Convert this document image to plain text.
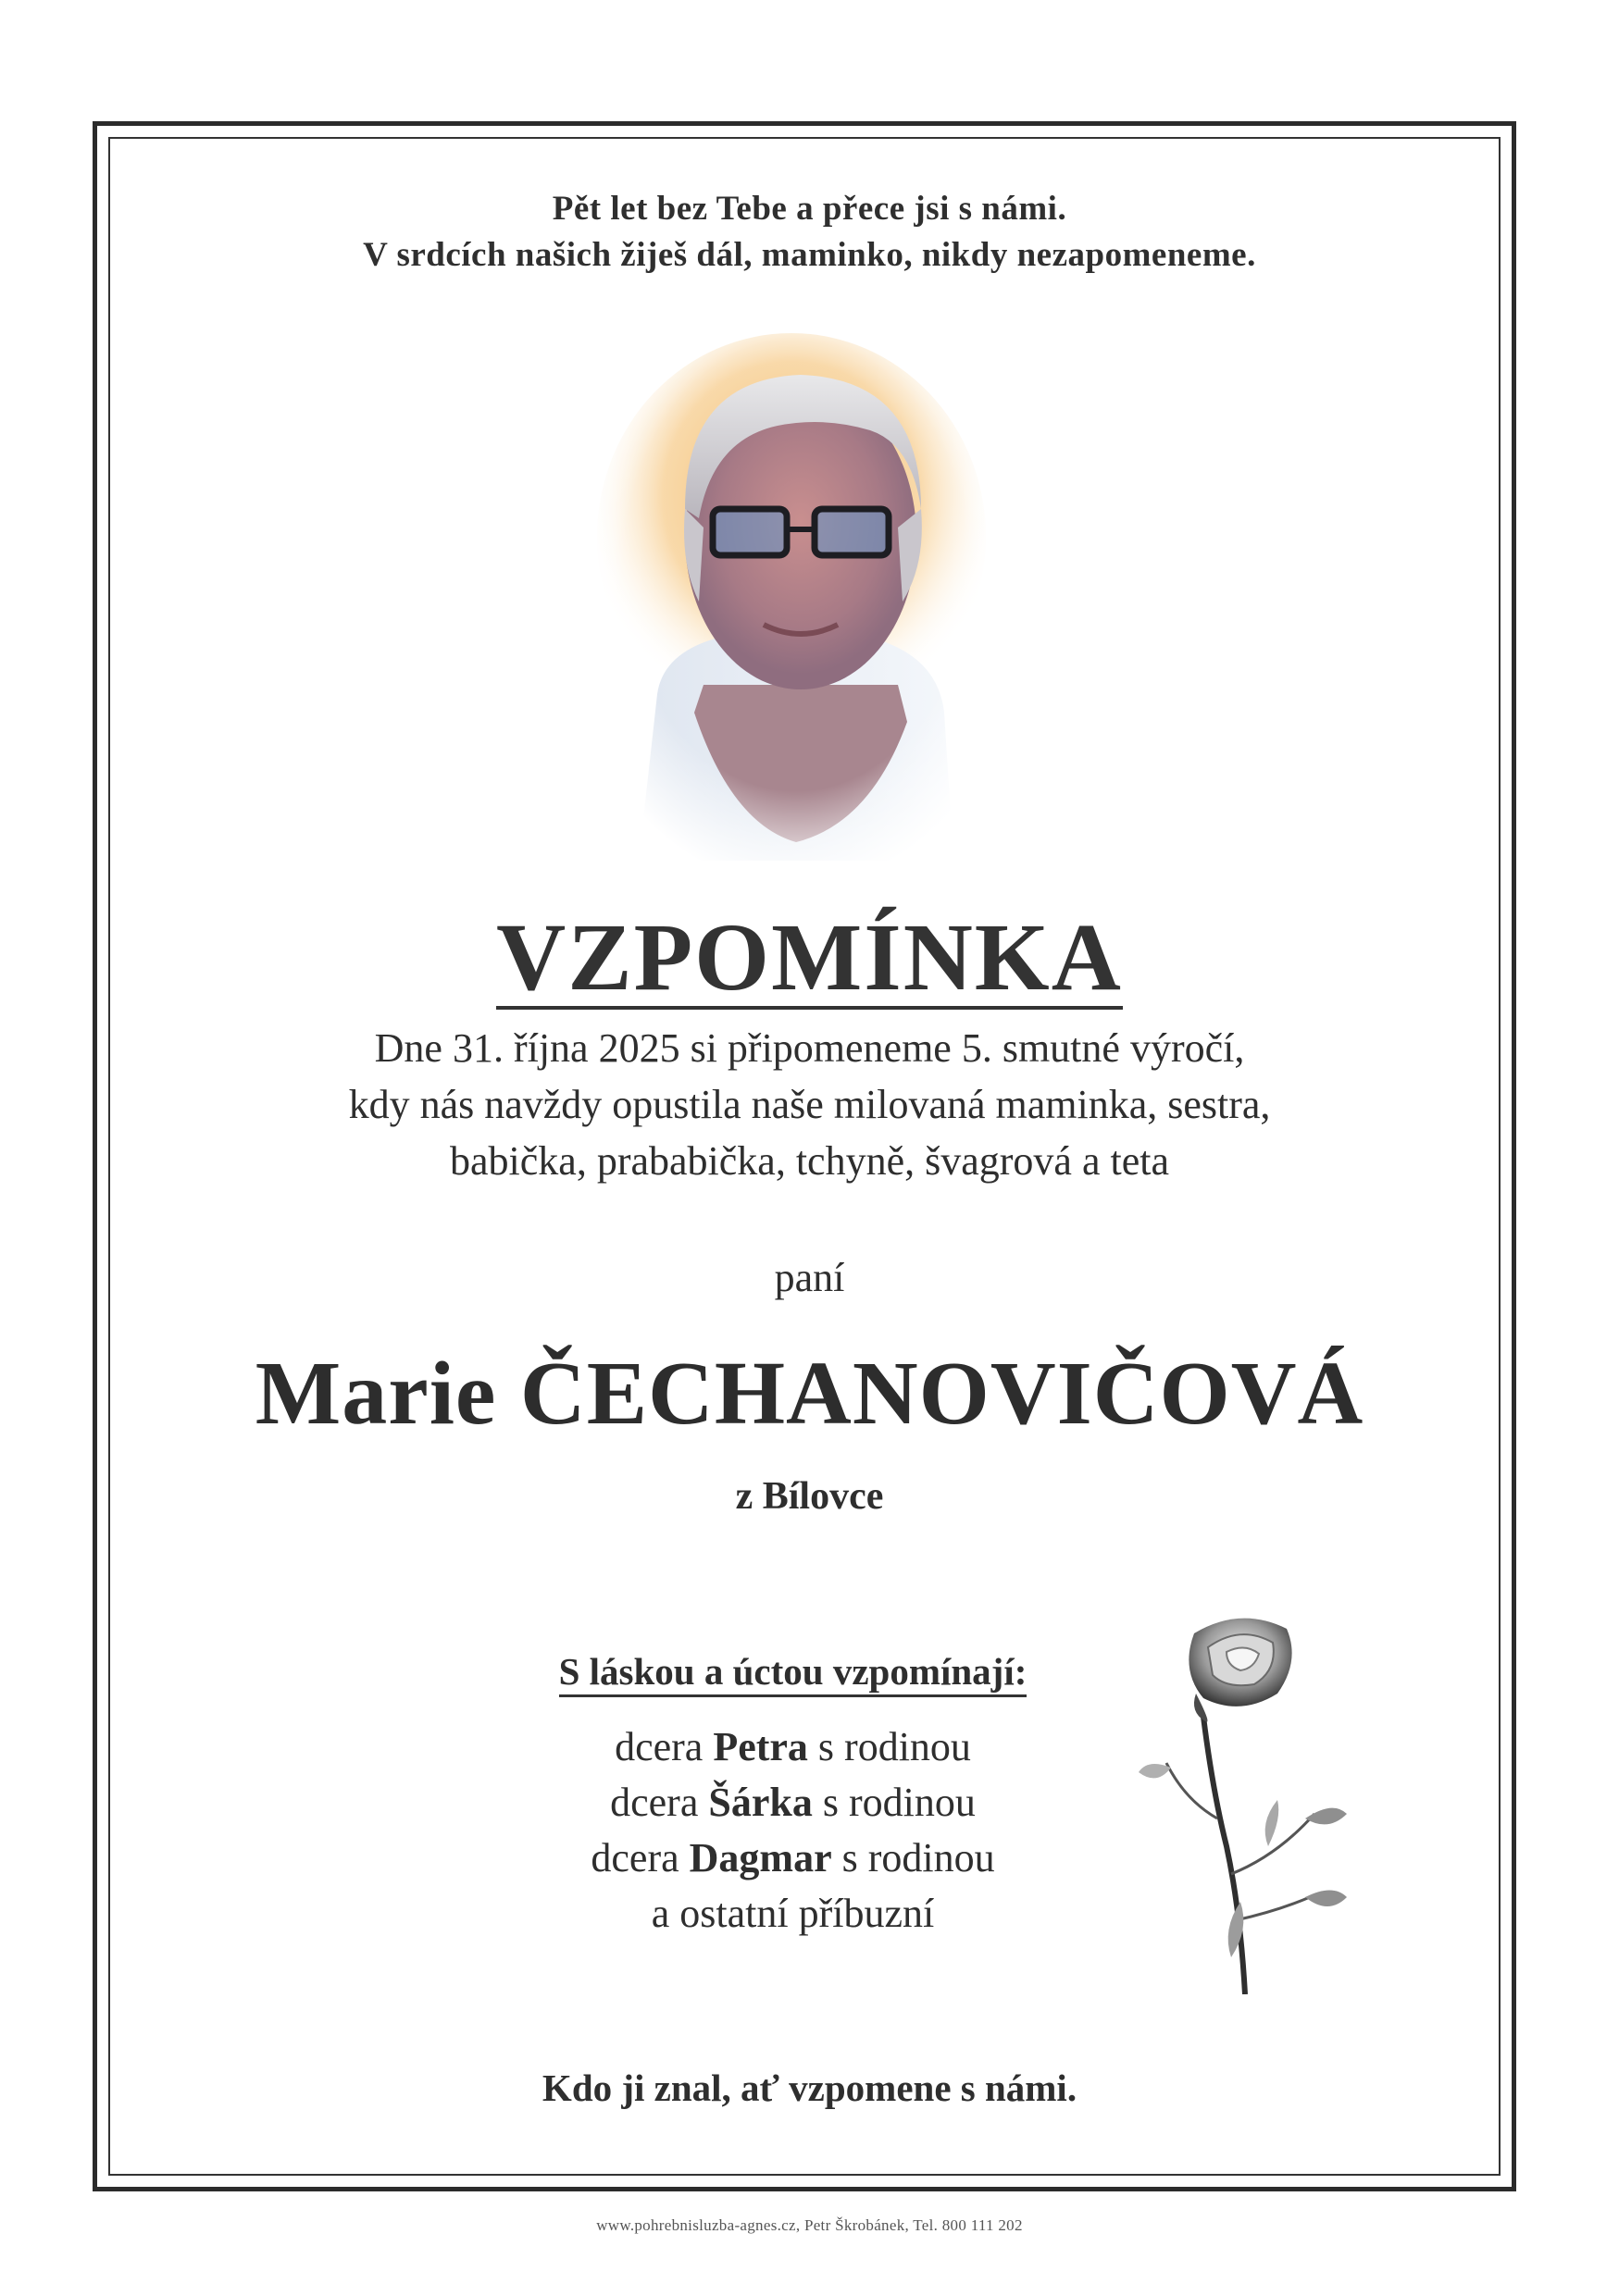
Pět let bez Tebe a přece jsi s námi.

V srdcích našich žiješ dál, maminko, nikdy nezapomeneme.

VZPOMÍNKA

Dne 31. října 2025 si připomeneme 5. smutné výročí,

kdy nás navždy opustila naše milovaná maminka, sestra,

babička, prababička, tchyně, švagrová a teta

paní

Marie ČECHANOVIČOVÁ

z Bílovce

S láskou a úctou vzpomínají:

dcera Petra s rodinou

dcera Šárka s rodinou

dcera Dagmar s rodinou

a ostatní příbuzní

Kdo ji znal, ať vzpomene s námi.

www.pohrebnisluzba-agnes.cz, Petr Škrobánek, Tel. 800 111 202
